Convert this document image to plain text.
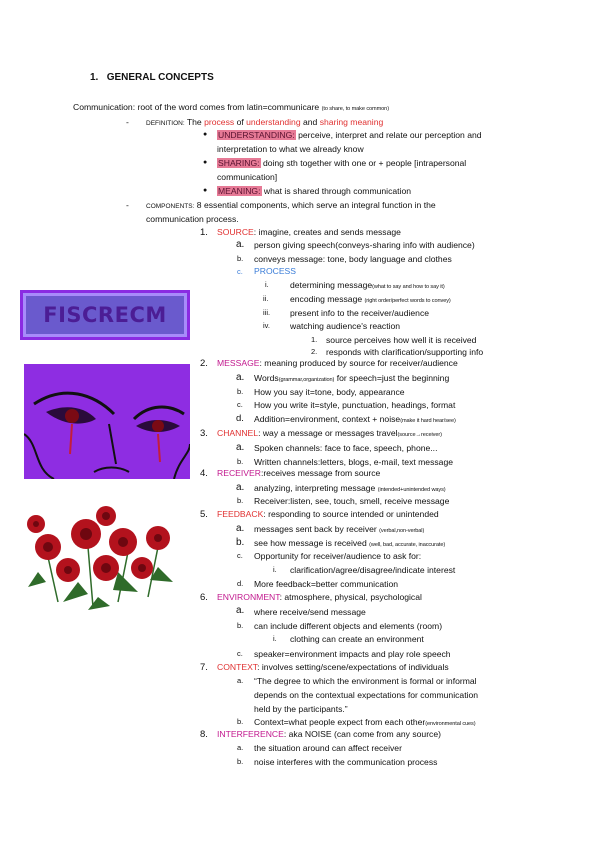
1. GENERAL CONCEPTS
Communication: root of the word comes from latin=communicare (to share, to make common)
-	DEFINITION: The process of understanding and sharing meaning
● UNDERSTANDING: perceive, interpret and relate our perception and
interpretation to what we already know
● SHARING: doing sth together with one or + people [intrapersonal
communication]
● MEANING: what is shared through communication
-	COMPONENTS: 8 essential components, which serve an integral function in the
communication process.
1. SOURCE: imagine, creates and sends message
a. person giving speech(conveys-sharing info with audience)
b. conveys message: tone, body language and clothes
c. PROCESS
i. determining message(what to say and how to say it)
ii.	encoding message (right order/perfect words to convey)
iii. present info to the receiver/audience
iv. watching audience's reaction
1. source perceives how well it is received
2. responds with clarification/supporting info
2. MESSAGE: meaning produced by source for receiver/audience
a. Words(grammar,organization) for speech=just the beginning
b. How you say it=tone, body, appearance
c. How you write it=style, punctuation, headings, format
d. Addition=environment, context + noise(make it hard hear/see)
3. CHANNEL: way a message or messages travel(source→receiver)
a. Spoken channels: face to face, speech, phone...
b. Written channels:letters, blogs, e-mail, text message
4. RECEIVER:receives message from source
a. analyzing, interpreting message (intended+unintended ways)
b. Receiver:listen, see, touch, smell, receive message
5. FEEDBACK: responding to source intended or unintended
a. messages sent back by receiver (verbal,non-verbal)
b. see how message is received (well, bad, accurate, inaccurate)
c. Opportunity for receiver/audience to ask for:
i. clarification/agree/disagree/indicate interest
d. More feedback=better communication
6. ENVIRONMENT: atmosphere, physical, psychological
a. where receive/send message
b. can include different objects and elements (room)
i. clothing can create an environment
c. speaker=environment impacts and play role speech
7. CONTEXT: involves setting/scene/expectations of individuals
a. “The degree to which the environment is formal or informal
depends on the contextual expectations for communication
held by the participants.”
b. Context=what people expect from each other(environmental cues)
8. INTERFERENCE: aka NOISE (can come from any source)
a. the situation around can affect receiver
b. noise interferes with the communication process
FISCRECM
